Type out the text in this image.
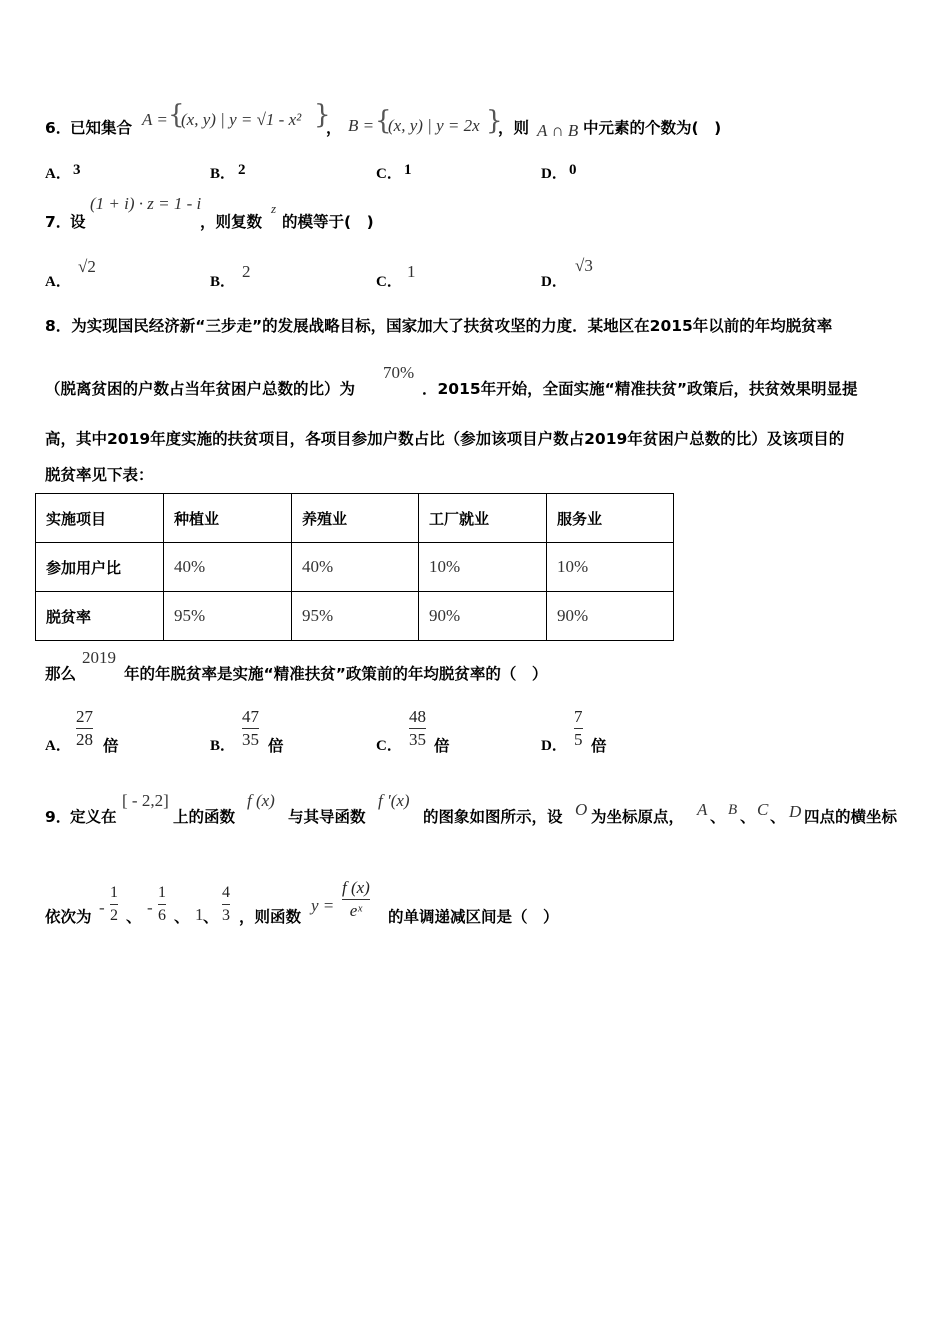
6．
已知集合 A = {
(x, y) | y = √1 - x² }
， B = {
(x, y) | y = 2x }
，则 A ∩ B 中元素的个数为(　)
A． 3	B． 2	C． 1	D． 0
7．
设
(1 + i) · z = 1 - i
，则复数
z
的模等于(　)
A．
√2
B．
2
C．
1
D．
√3
8．为实现国民经济新“三步走”的发展战略目标，国家加大了扶贫攻坚的力度．某地区在2015年以前的年均脱贫率
（脱离贫困的户数占当年贫困户总数的比）为
70%
．2015年开始，全面实施“精准扶贫”政策后，扶贫效果明显提
高，其中2019年度实施的扶贫项目，各项目参加户数占比（参加该项目户数占2019年贫困户总数的比）及该项目的
脱贫率见下表：
实施项目	种植业	养殖业	工厂就业	服务业
参加用户比	40%	40%	10%	10%
脱贫率	95%	95%	90%	90%
那么
2019
年的年脱贫率是实施“精准扶贫”政策前的年均脱贫率的（　）
A． $\frac{27}{28}$ 倍	B． $\frac{47}{35}$ 倍	C． $\frac{48}{35}$ 倍	D． $\frac{7}{5}$ 倍
9．
定义在
[ - 2,2]
上的函数
f (x)
与其导函数
f ′(x)
的图象如图所示，设 O 为坐标原点， A 、 B 、 C 、 D 四点的横坐标
依次为 - $\frac{1}{2}$ 、 - $\frac{1}{6}$ 、 1 、 $\frac{4}{3}$ ，则函数
$y = \frac{f (x)}{\text{eˣ}}$ 的单调递减区间是（　）
